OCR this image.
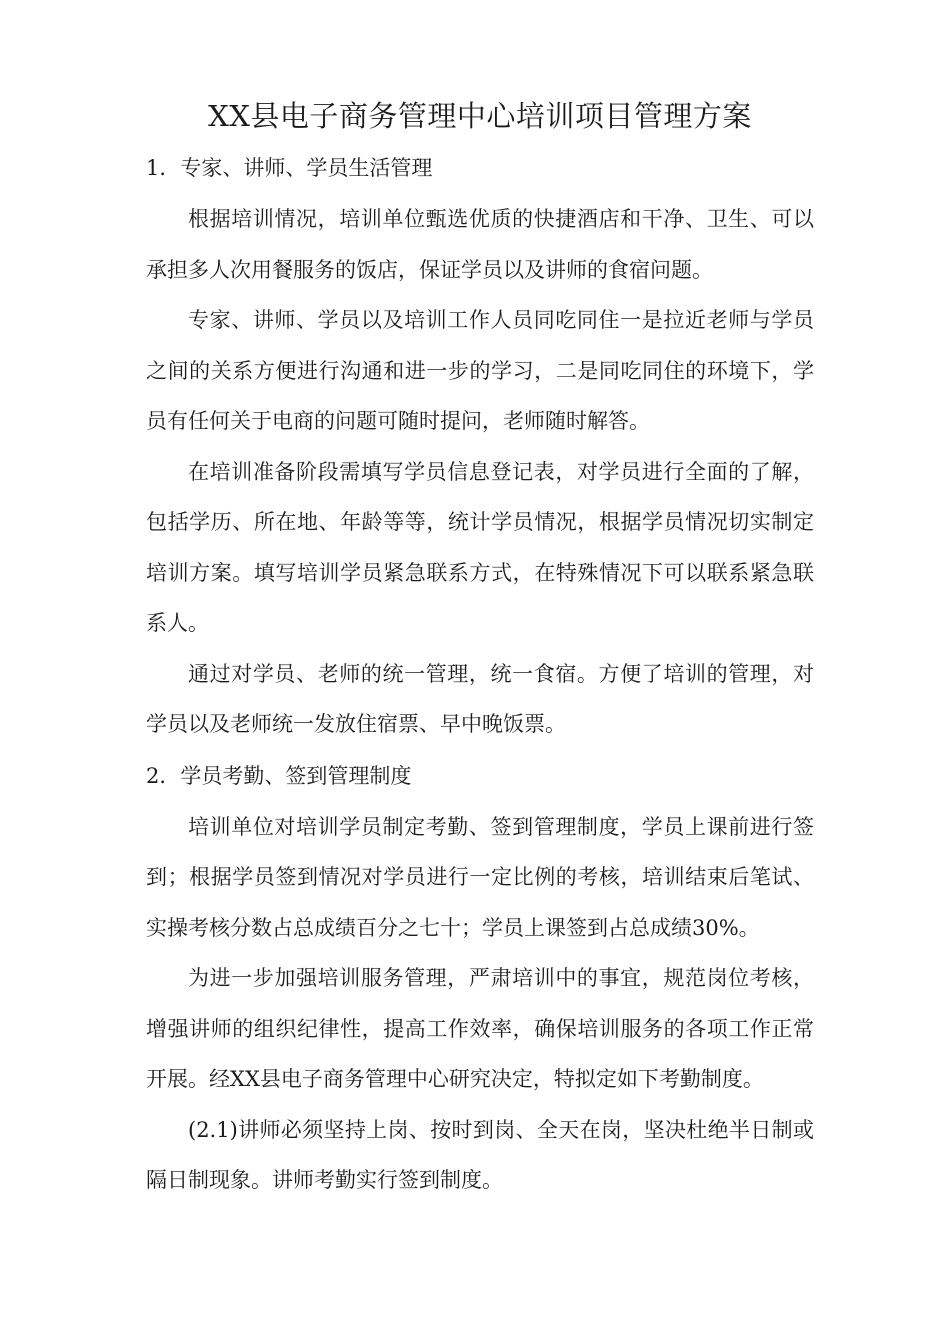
XX县电子商务管理中心培训项目管理方案
1．专家、讲师、学员生活管理

根据培训情况，培训单位甄选优质的快捷酒店和干净、卫生、可以承担多人次用餐服务的饭店，保证学员以及讲师的食宿问题。

专家、讲师、学员以及培训工作人员同吃同住一是拉近老师与学员之间的关系方便进行沟通和进一步的学习，二是同吃同住的环境下，学员有任何关于电商的问题可随时提问，老师随时解答。

在培训准备阶段需填写学员信息登记表，对学员进行全面的了解，包括学历、所在地、年龄等等，统计学员情况，根据学员情况切实制定培训方案。填写培训学员紧急联系方式，在特殊情况下可以联系紧急联系人。

通过对学员、老师的统一管理，统一食宿。方便了培训的管理，对学员以及老师统一发放住宿票、早中晚饭票。

2．学员考勤、签到管理制度

培训单位对培训学员制定考勤、签到管理制度，学员上课前进行签到；根据学员签到情况对学员进行一定比例的考核，培训结束后笔试、实操考核分数占总成绩百分之七十；学员上课签到占总成绩30%。

为进一步加强培训服务管理，严肃培训中的事宜，规范岗位考核，增强讲师的组织纪律性，提高工作效率，确保培训服务的各项工作正常开展。经XX县电子商务管理中心研究决定，特拟定如下考勤制度。

(2.1)讲师必须坚持上岗、按时到岗、全天在岗，坚决杜绝半日制或隔日制现象。讲师考勤实行签到制度。
